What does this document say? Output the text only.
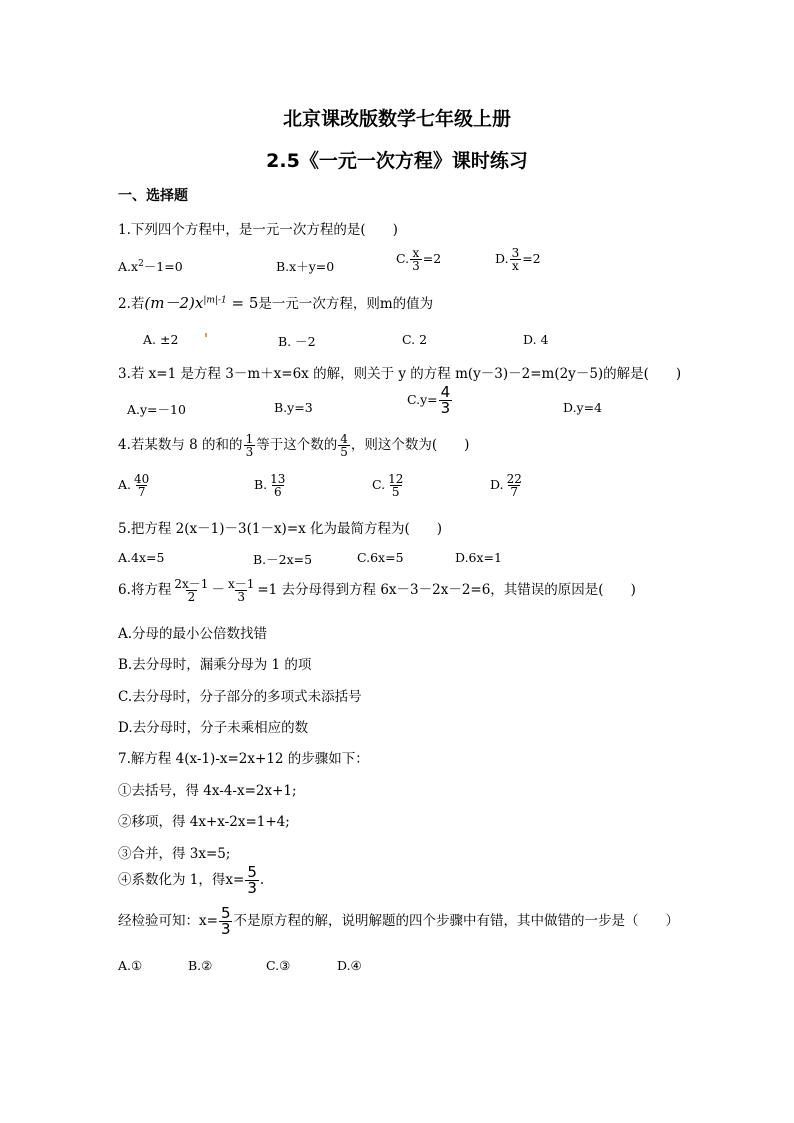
北京课改版数学七年级上册
2.5《一元一次方程》课时练习
一、选择题
1.下列四个方程中，是一元一次方程的是(　　)
$A.x^2-1=0$	B.x＋y=0
C. $\frac{x}{3} =2$	D. $\frac{3}{x} =2$
2.若$(m-2)x^{|m|-1} = 5$是一元一次方程，则m的值为
A. ±2	B. －2	C. 2	D. 4
3.若 x=1 是方程 3－m＋x=6x 的解，则关于 y 的方程 m(y－3)－2=m(2y－5)的解是(　　)
A.y=－10	B.y=3
$C.y= \frac{4}{3}$	D.y=4
4.若某数与 8 的和的 $\frac{1}{3}$ 等于这个数的 $\frac{4}{5}$ ，则这个数为(　　)
A. $\frac{40}{7}$	B. $\frac{13}{6}$	C. $\frac{12}{5}$	D. $\frac{22}{7}$
5.把方程 2(x－1)－3(1－x)=x 化为最简方程为(　　)
A.4x=5	B.－2x=5	C.6x=5	D.6x=1
6.将方程 $\frac{2x-1}{2} - \frac{x-1}{3} =1$ 去分母得到方程 6x－3－2x－2=6，其错误的原因是(　　)
A.分母的最小公倍数找错
B.去分母时，漏乘分母为 1 的项
C.去分母时，分子部分的多项式未添括号
D.去分母时，分子未乘相应的数
7.解方程 4(x-1)-x=2x+12 的步骤如下：
①去括号，得 4x-4-x=2x+1;
②移项，得 4x+x-2x=1+4;
③合并，得 3x=5;
④系数化为 1，得$x= \frac{5}{3}$ .
经检验可知：$x= \frac{5}{3}$ 不是原方程的解，说明解题的四个步骤中有错，其中做错的一步是（　　）
A.①	B.②	C.③	D.④
